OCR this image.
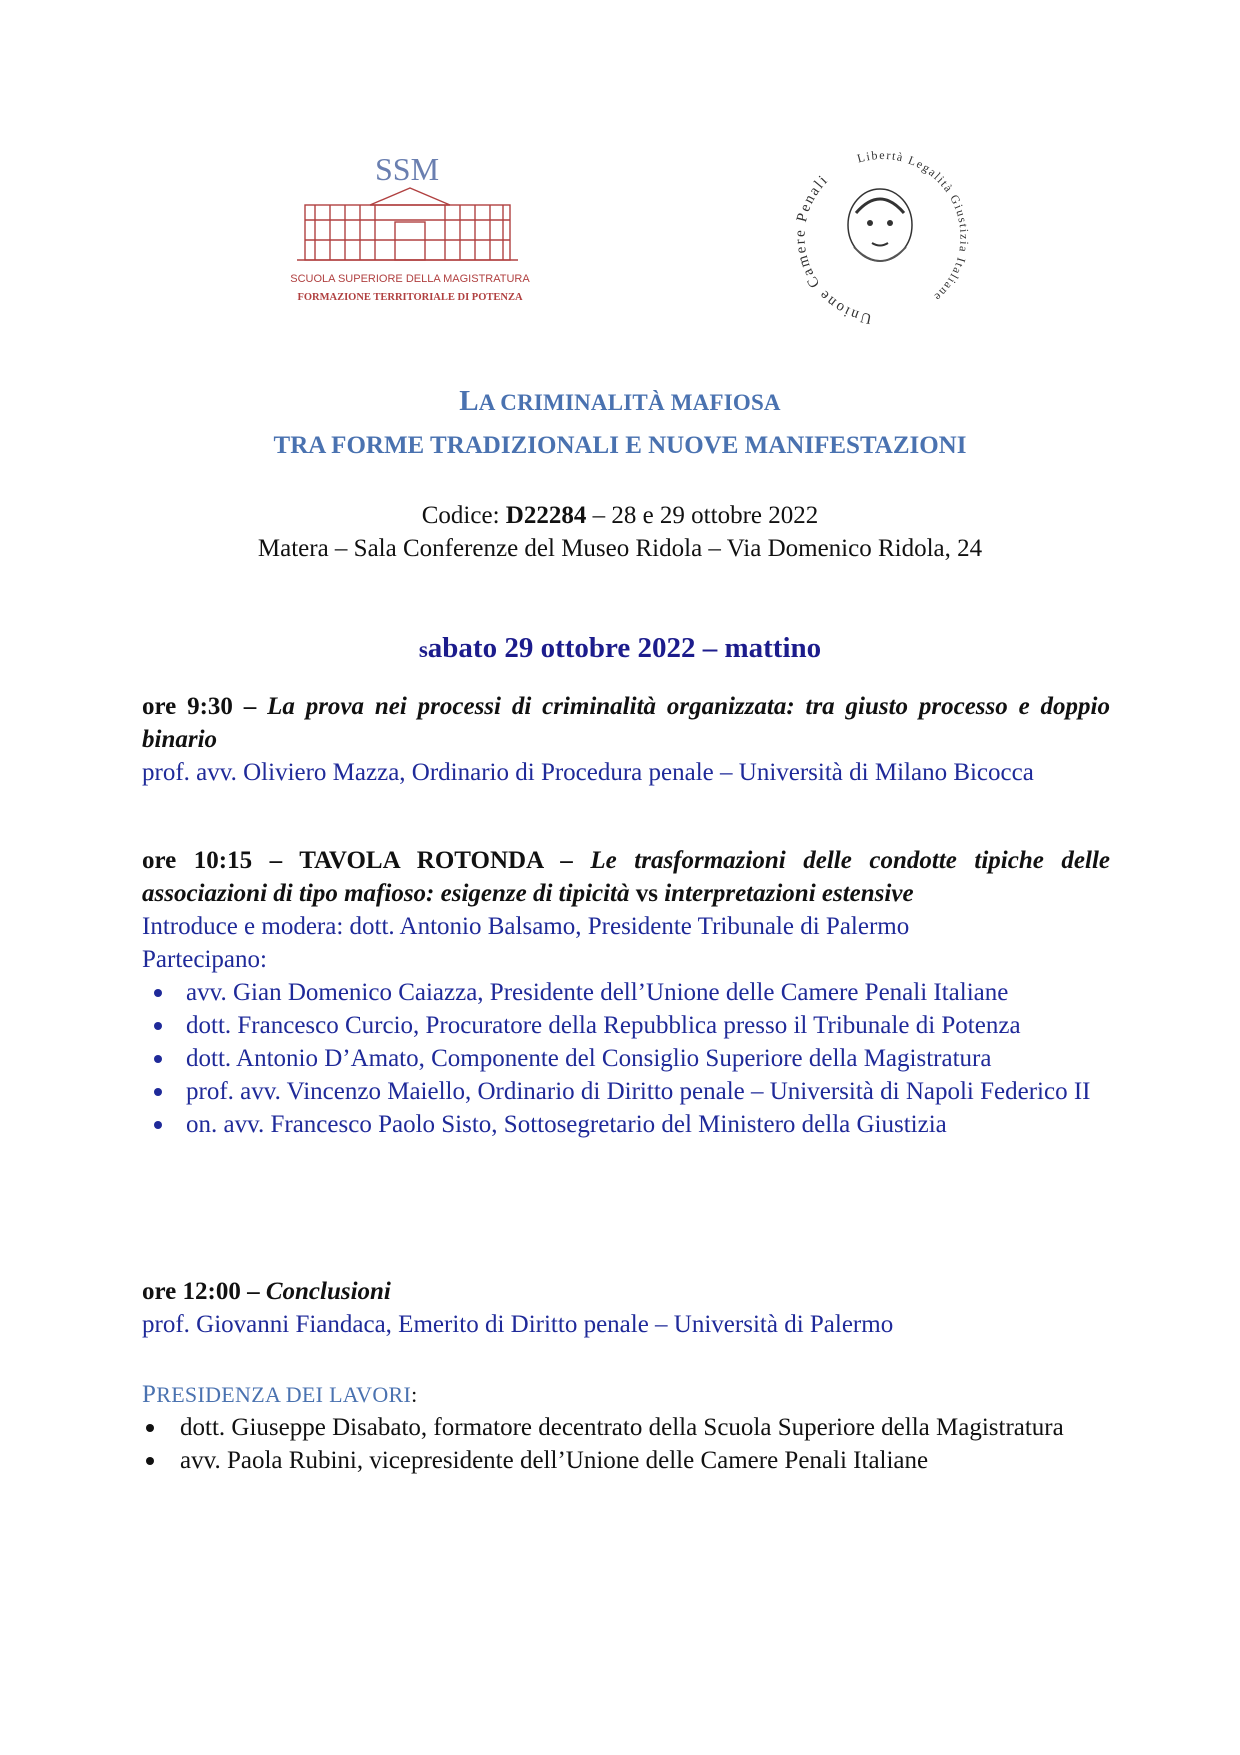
SSM
SCUOLA SUPERIORE DELLA MAGISTRATURA
FORMAZIONE TERRITORIALE DI POTENZA
Unione Camere Penali
Libertà Legalità Giustizia Italiane
LA CRIMINALITÀ MAFIOSA
TRA FORME TRADIZIONALI E NUOVE MANIFESTAZIONI
Codice: D22284 – 28 e 29 ottobre 2022
Matera – Sala Conferenze del Museo Ridola – Via Domenico Ridola, 24
sabato 29 ottobre 2022 – mattino
ore 9:30 – La prova nei processi di criminalità organizzata: tra giusto processo e doppio binario
prof. avv. Oliviero Mazza, Ordinario di Procedura penale – Università di Milano Bicocca
ore 10:15 – TAVOLA ROTONDA – Le trasformazioni delle condotte tipiche delle associazioni di tipo mafioso: esigenze di tipicità vs interpretazioni estensive
Introduce e modera: dott. Antonio Balsamo, Presidente Tribunale di Palermo
Partecipano:
avv. Gian Domenico Caiazza, Presidente dell’Unione delle Camere Penali Italiane
dott. Francesco Curcio, Procuratore della Repubblica presso il Tribunale di Potenza
dott. Antonio D’Amato, Componente del Consiglio Superiore della Magistratura
prof. avv. Vincenzo Maiello, Ordinario di Diritto penale – Università di Napoli Federico II
on. avv. Francesco Paolo Sisto, Sottosegretario del Ministero della Giustizia
ore 12:00 – Conclusioni
prof. Giovanni Fiandaca, Emerito di Diritto penale – Università di Palermo
PRESIDENZA DEI LAVORI:
dott. Giuseppe Disabato, formatore decentrato della Scuola Superiore della Magistratura
avv. Paola Rubini, vicepresidente dell’Unione delle Camere Penali Italiane
